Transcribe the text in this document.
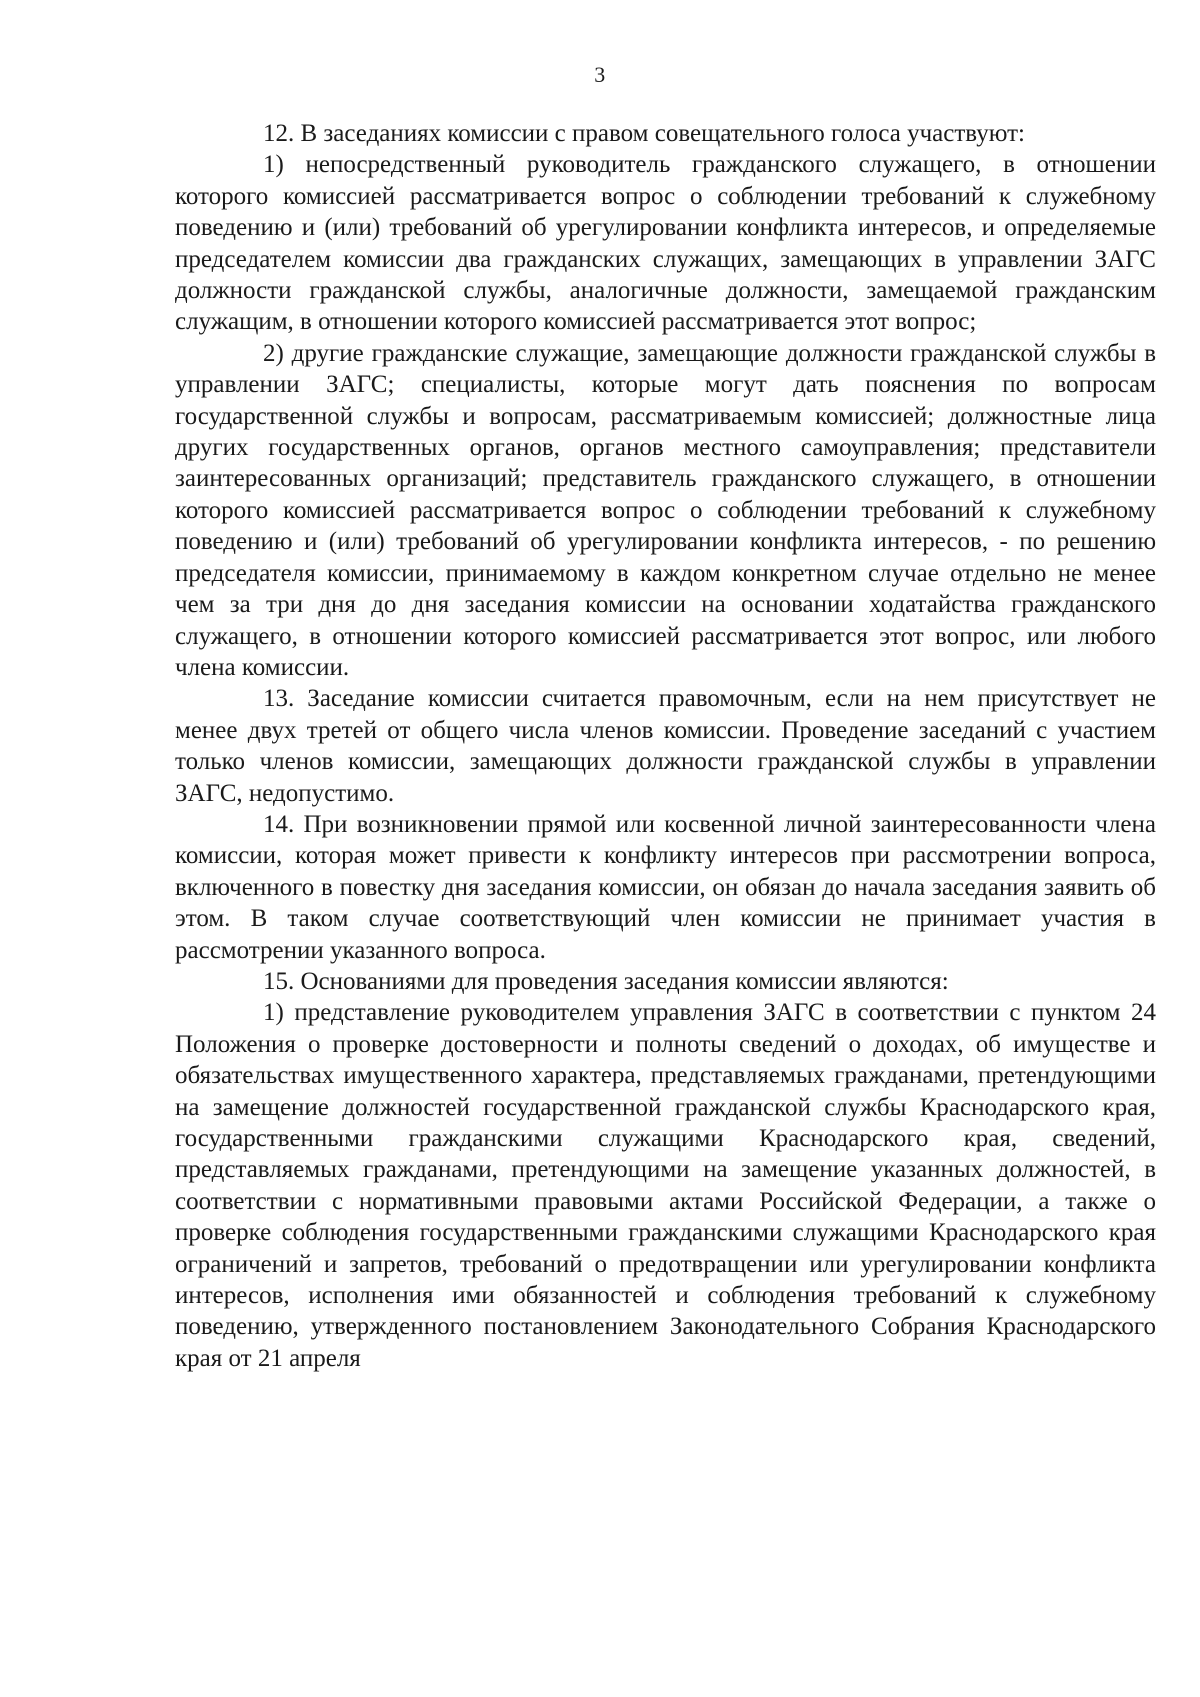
3

12. В заседаниях комиссии с правом совещательного голоса участвуют:

1) непосредственный руководитель гражданского служащего, в отношении которого комиссией рассматривается вопрос о соблюдении требований к служебному поведению и (или) требований об урегулировании конфликта интересов, и определяемые председателем комиссии два гражданских служащих, замещающих в управлении ЗАГС должности гражданской службы, аналогичные должности, замещаемой гражданским служащим, в отношении которого комиссией рассматривается этот вопрос;

2) другие гражданские служащие, замещающие должности гражданской службы в управлении ЗАГС; специалисты, которые могут дать пояснения по вопросам государственной службы и вопросам, рассматриваемым комиссией; должностные лица других государственных органов, органов местного самоуправления; представители заинтересованных организаций; представитель гражданского служащего, в отношении которого комиссией рассматривается вопрос о соблюдении требований к служебному поведению и (или) требований об урегулировании конфликта интересов, - по решению председателя комиссии, принимаемому в каждом конкретном случае отдельно не менее чем за три дня до дня заседания комиссии на основании ходатайства гражданского служащего, в отношении которого комиссией рассматривается этот вопрос, или любого члена комиссии.

13. Заседание комиссии считается правомочным, если на нем присутствует не менее двух третей от общего числа членов комиссии. Проведение заседаний с участием только членов комиссии, замещающих должности гражданской службы в управлении ЗАГС, недопустимо.

14. При возникновении прямой или косвенной личной заинтересованности члена комиссии, которая может привести к конфликту интересов при рассмотрении вопроса, включенного в повестку дня заседания комиссии, он обязан до начала заседания заявить об этом. В таком случае соответствующий член комиссии не принимает участия в рассмотрении указанного вопроса.

15. Основаниями для проведения заседания комиссии являются:

1) представление руководителем управления ЗАГС в соответствии с пунктом 24 Положения о проверке достоверности и полноты сведений о доходах, об имуществе и обязательствах имущественного характера, представляемых гражданами, претендующими на замещение должностей государственной гражданской службы Краснодарского края, государственными гражданскими служащими Краснодарского края, сведений, представляемых гражданами, претендующими на замещение указанных должностей, в соответствии с нормативными правовыми актами Российской Федерации, а также о проверке соблюдения государственными гражданскими служащими Краснодарского края ограничений и запретов, требований о предотвращении или урегулировании конфликта интересов, исполнения ими обязанностей и соблюдения требований к служебному поведению, утвержденного постановлением Законодательного Собрания Краснодарского края от 21 апреля
